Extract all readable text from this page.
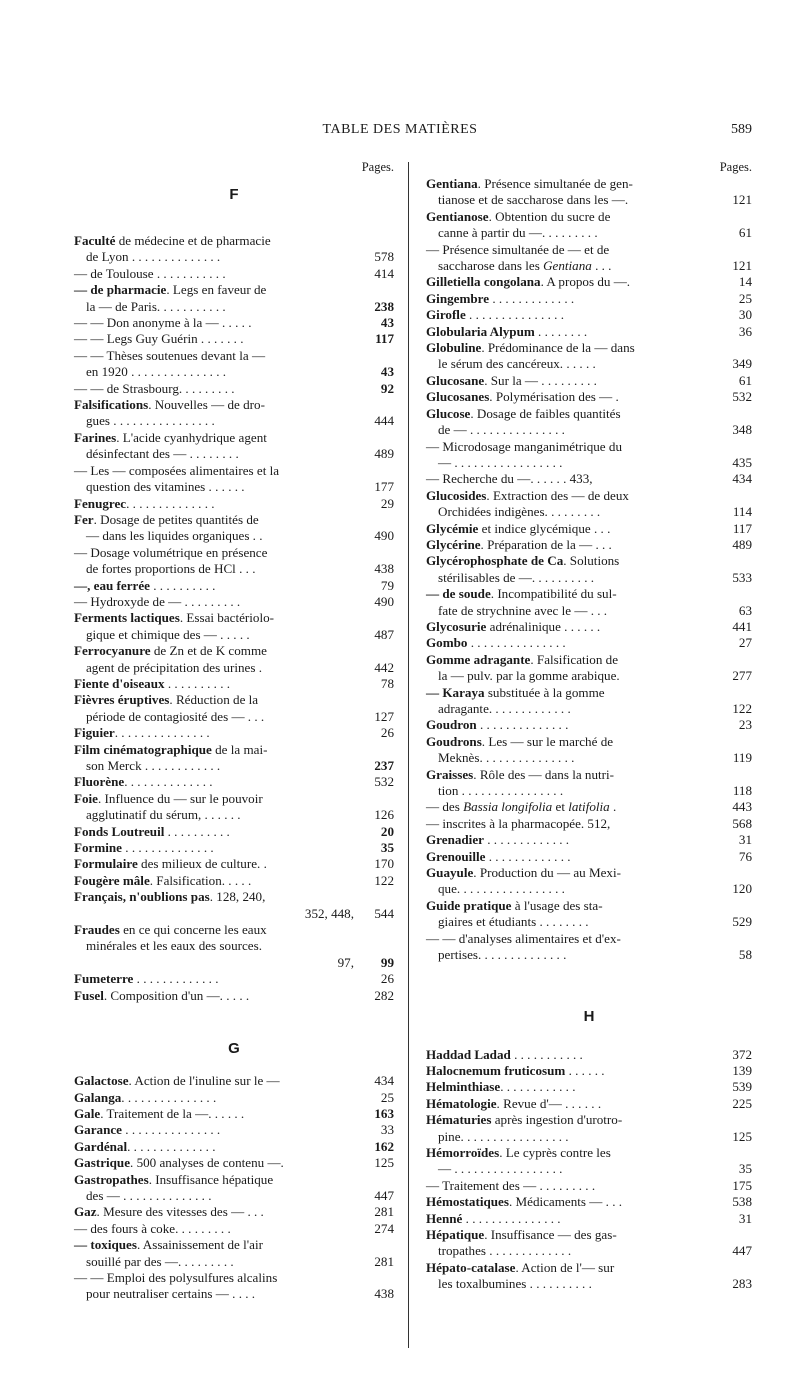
TABLE DES MATIÈRES	589
Pages.
F
Faculté de médecine et de pharmacie
de Lyon . . . . . . . . . . . . . .	578
— de Toulouse . . . . . . . . . . .	414
— de pharmacie. Legs en faveur de
la — de Paris. . . . . . . . . . .	238
— — Don anonyme à la — . . . . .	43
— — Legs Guy Guérin . . . . . . .	117
— — Thèses soutenues devant la —
en 1920 . . . . . . . . . . . . . . .	43
— — de Strasbourg. . . . . . . . .	92
Falsifications. Nouvelles — de dro-
gues . . . . . . . . . . . . . . . .	444
Farines. L'acide cyanhydrique agent
désinfectant des — . . . . . . . .	489
— Les — composées alimentaires et la
question des vitamines . . . . . .	177
Fenugrec. . . . . . . . . . . . . .	29
Fer. Dosage de petites quantités de
— dans les liquides organiques . .	490
— Dosage volumétrique en présence
de fortes proportions de HCl . . .	438
—, eau ferrée . . . . . . . . . .	79
— Hydroxyde de — . . . . . . . . .	490
Ferments lactiques. Essai bactériolo-
gique et chimique des — . . . . .	487
Ferrocyanure de Zn et de K comme
agent de précipitation des urines .	442
Fiente d'oiseaux . . . . . . . . . .	78
Fièvres éruptives. Réduction de la
période de contagiosité des — . . .	127
Figuier. . . . . . . . . . . . . . .	26
Film cinématographique de la mai-
son Merck . . . . . . . . . . . .	237
Fluorène. . . . . . . . . . . . . .	532
Foie. Influence du — sur le pouvoir
agglutinatif du sérum, . . . . . .	126
Fonds Loutreuil . . . . . . . . . .	20
Formine . . . . . . . . . . . . . .	35
Formulaire des milieux de culture. .	170
Fougère mâle. Falsification. . . . .	122
Français, n'oublions pas. 128, 240,
352, 448,	544
Fraudes en ce qui concerne les eaux
minérales et les eaux des sources.
97,	99
Fumeterre . . . . . . . . . . . . .	26
Fusel. Composition d'un —. . . . .	282
G
Galactose. Action de l'inuline sur le —	434
Galanga. . . . . . . . . . . . . . .	25
Gale. Traitement de la —. . . . . .	163
Garance . . . . . . . . . . . . . . .	33
Gardénal. . . . . . . . . . . . . .	162
Gastrique. 500 analyses de contenu —.	125
Gastropathes. Insuffisance hépatique
des — . . . . . . . . . . . . . .	447
Gaz. Mesure des vitesses des — . . .	281
— des fours à coke. . . . . . . . .	274
— toxiques. Assainissement de l'air
souillé par des —. . . . . . . . .	281
— — Emploi des polysulfures alcalins
pour neutraliser certains — . . . .	438
Pages.
Gentiana. Présence simultanée de gen-
tianose et de saccharose dans les —.	121
Gentianose. Obtention du sucre de
canne à partir du —. . . . . . . . .	61
— Présence simultanée de — et de
saccharose dans les Gentiana . . .	121
Gilletiella congolana. A propos du —.	14
Gingembre . . . . . . . . . . . . .	25
Girofle . . . . . . . . . . . . . . .	30
Globularia Alypum . . . . . . . .	36
Globuline. Prédominance de la — dans
le sérum des cancéreux. . . . . .	349
Glucosane. Sur la — . . . . . . . . .	61
Glucosanes. Polymérisation des — .	532
Glucose. Dosage de faibles quantités
de — . . . . . . . . . . . . . . .	348
— Microdosage manganimétrique du
— . . . . . . . . . . . . . . . . .	435
— Recherche du —. . . . . . 433,	434
Glucosides. Extraction des — de deux
Orchidées indigènes. . . . . . . . .	114
Glycémie et indice glycémique . . .	117
Glycérine. Préparation de la — . . .	489
Glycérophosphate de Ca. Solutions
stérilisables de —. . . . . . . . . .	533
— de soude. Incompatibilité du sul-
fate de strychnine avec le — . . .	63
Glycosurie adrénalinique . . . . . .	441
Gombo . . . . . . . . . . . . . . .	27
Gomme adragante. Falsification de
la — pulv. par la gomme arabique.	277
— Karaya substituée à la gomme
adragante. . . . . . . . . . . . .	122
Goudron . . . . . . . . . . . . . .	23
Goudrons. Les — sur le marché de
Meknès. . . . . . . . . . . . . . .	119
Graisses. Rôle des — dans la nutri-
tion . . . . . . . . . . . . . . . .	118
— des Bassia longifolia et latifolia .	443
— inscrites à la pharmacopée. 512,	568
Grenadier . . . . . . . . . . . . .	31
Grenouille . . . . . . . . . . . . .	76
Guayule. Production du — au Mexi-
que. . . . . . . . . . . . . . . . .	120
Guide pratique à l'usage des sta-
giaires et étudiants . . . . . . . .	529
— — d'analyses alimentaires et d'ex-
pertises. . . . . . . . . . . . . .	58
H
Haddad Ladad . . . . . . . . . . .	372
Halocnemum fruticosum . . . . . .	139
Helminthiase. . . . . . . . . . . .	539
Hématologie. Revue d'— . . . . . .	225
Hématuries après ingestion d'urotro-
pine. . . . . . . . . . . . . . . . .	125
Hémorroïdes. Le cyprès contre les
— . . . . . . . . . . . . . . . . .	35
— Traitement des — . . . . . . . . .	175
Hémostatiques. Médicaments — . . .	538
Henné . . . . . . . . . . . . . . .	31
Hépatique. Insuffisance — des gas-
tropathes . . . . . . . . . . . . .	447
Hépato-catalase. Action de l'— sur
les toxalbumines . . . . . . . . . .	283
